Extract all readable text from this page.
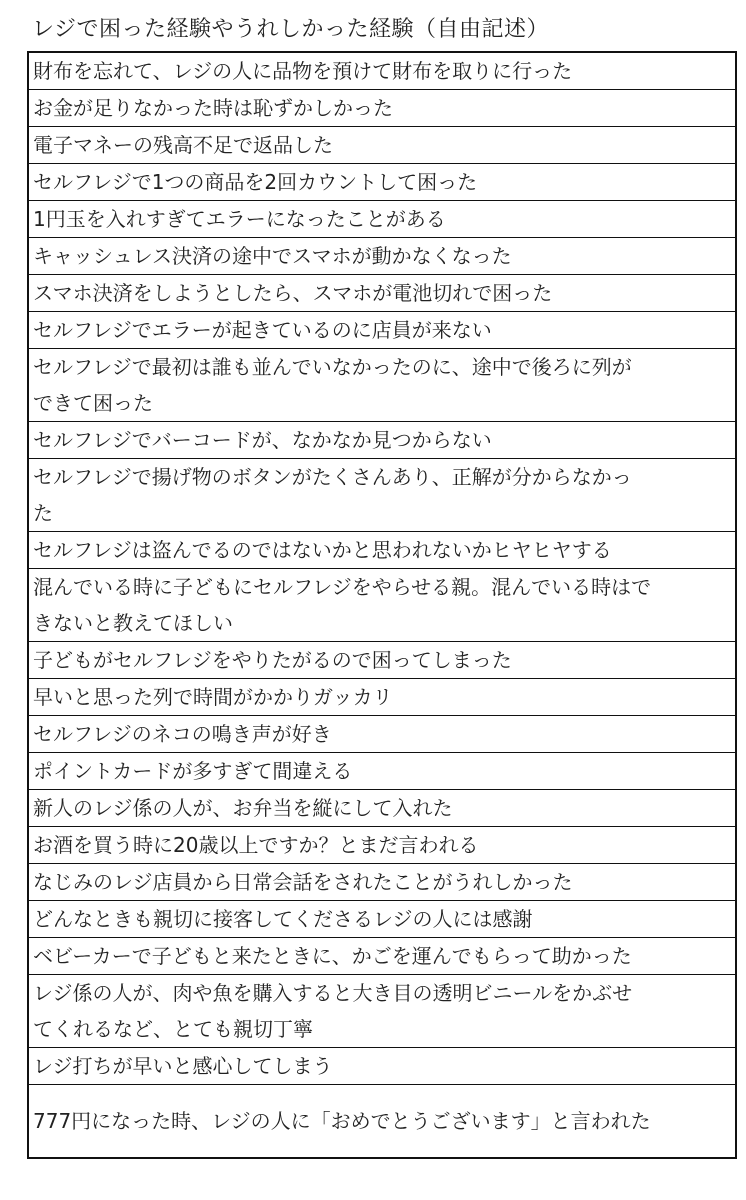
レジで困った経験やうれしかった経験（自由記述）
財布を忘れて、レジの人に品物を預けて財布を取りに行った
お金が足りなかった時は恥ずかしかった
電子マネーの残高不足で返品した
セルフレジで1つの商品を2回カウントして困った
1円玉を入れすぎてエラーになったことがある
キャッシュレス決済の途中でスマホが動かなくなった
スマホ決済をしようとしたら、スマホが電池切れで困った
セルフレジでエラーが起きているのに店員が来ない
セルフレジで最初は誰も並んでいなかったのに、途中で後ろに列が
できて困った
セルフレジでバーコードが、なかなか見つからない
セルフレジで揚げ物のボタンがたくさんあり、正解が分からなかっ
た
セルフレジは盗んでるのではないかと思われないかヒヤヒヤする
混んでいる時に子どもにセルフレジをやらせる親。混んでいる時はで
きないと教えてほしい
子どもがセルフレジをやりたがるので困ってしまった
早いと思った列で時間がかかりガッカリ
セルフレジのネコの鳴き声が好き
ポイントカードが多すぎて間違える
新人のレジ係の人が、お弁当を縦にして入れた
お酒を買う時に20歳以上ですか？とまだ言われる
なじみのレジ店員から日常会話をされたことがうれしかった
どんなときも親切に接客してくださるレジの人には感謝
ベビーカーで子どもと来たときに、かごを運んでもらって助かった
レジ係の人が、肉や魚を購入すると大き目の透明ビニールをかぶせ
てくれるなど、とても親切丁寧
レジ打ちが早いと感心してしまう
777円になった時、レジの人に「おめでとうございます」と言われた
